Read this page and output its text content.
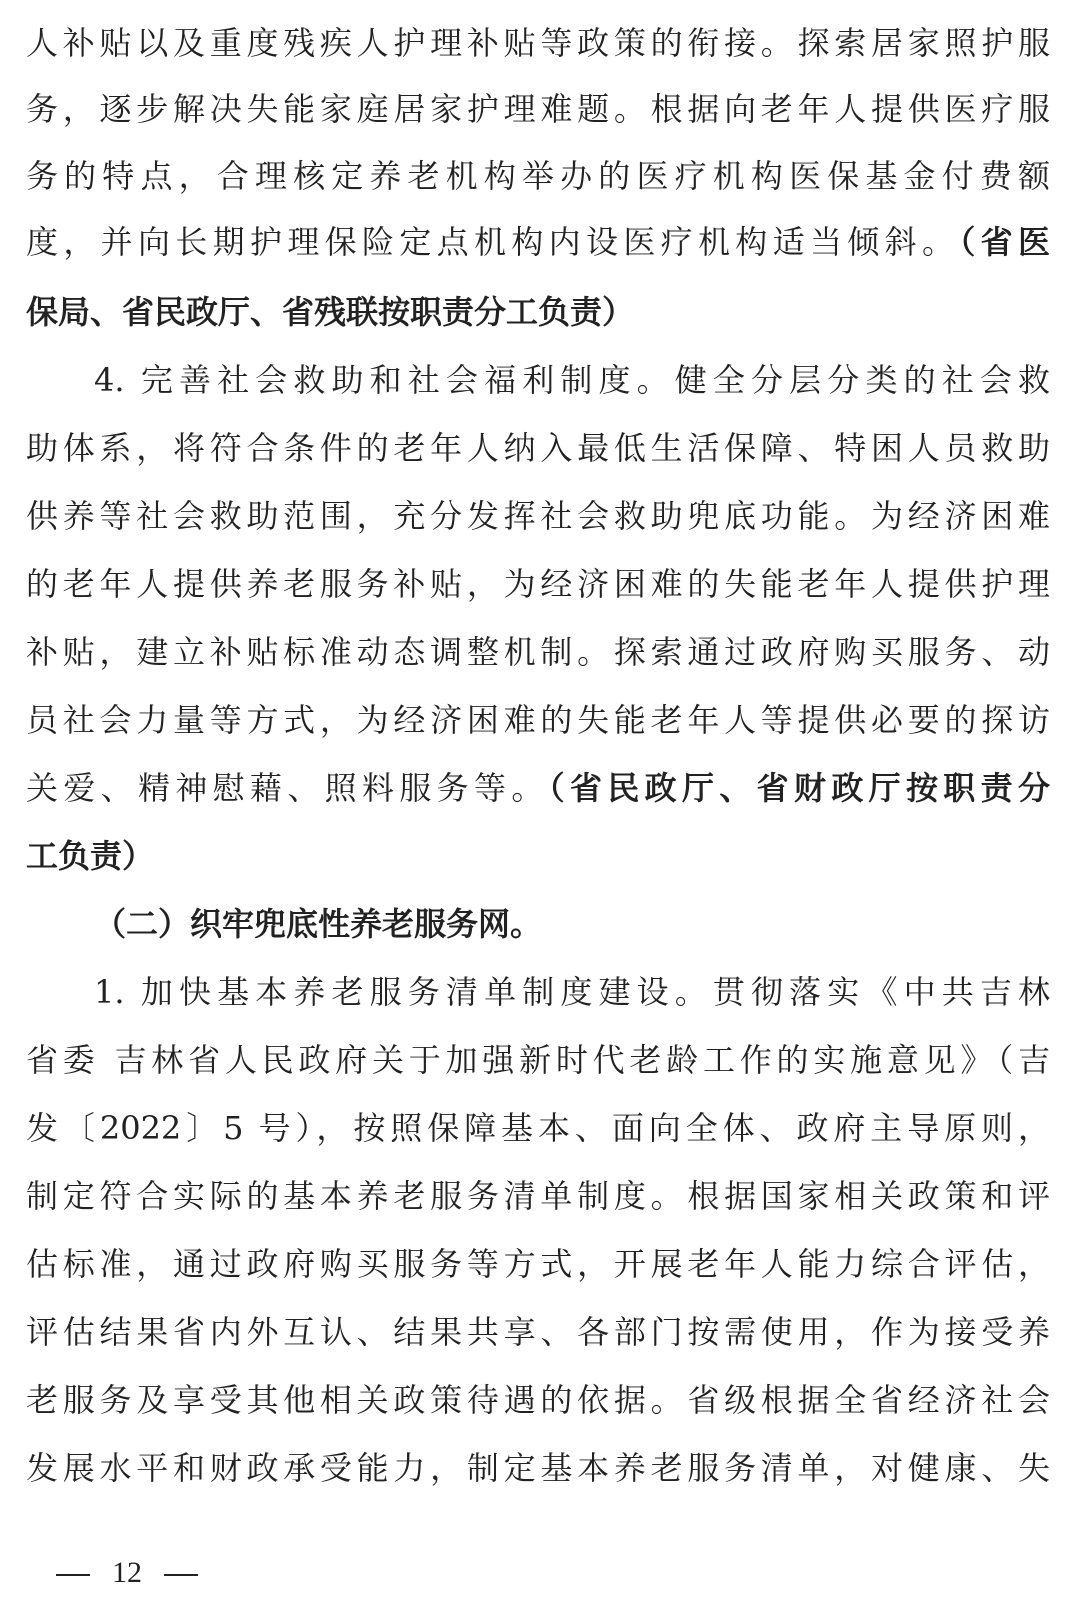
人补贴以及重度残疾人护理补贴等政策的衔接。探索居家照护服
务，逐步解决失能家庭居家护理难题。根据向老年人提供医疗服
务的特点，合理核定养老机构举办的医疗机构医保基金付费额
度，并向长期护理保险定点机构内设医疗机构适当倾斜。（省医
保局、省民政厅、省残联按职责分工负责）
4. 完善社会救助和社会福利制度。健全分层分类的社会救
助体系，将符合条件的老年人纳入最低生活保障、特困人员救助
供养等社会救助范围，充分发挥社会救助兜底功能。为经济困难
的老年人提供养老服务补贴，为经济困难的失能老年人提供护理
补贴，建立补贴标准动态调整机制。探索通过政府购买服务、动
员社会力量等方式，为经济困难的失能老年人等提供必要的探访
关爱、精神慰藉、照料服务等。（省民政厅、省财政厅按职责分
工负责）
（二）织牢兜底性养老服务网。
1. 加快基本养老服务清单制度建设。贯彻落实《中共吉林
省委 吉林省人民政府关于加强新时代老龄工作的实施意见》（吉
发〔2022〕5 号），按照保障基本、面向全体、政府主导原则，
制定符合实际的基本养老服务清单制度。根据国家相关政策和评
估标准，通过政府购买服务等方式，开展老年人能力综合评估，
评估结果省内外互认、结果共享、各部门按需使用，作为接受养
老服务及享受其他相关政策待遇的依据。省级根据全省经济社会
发展水平和财政承受能力，制定基本养老服务清单，对健康、失
12
